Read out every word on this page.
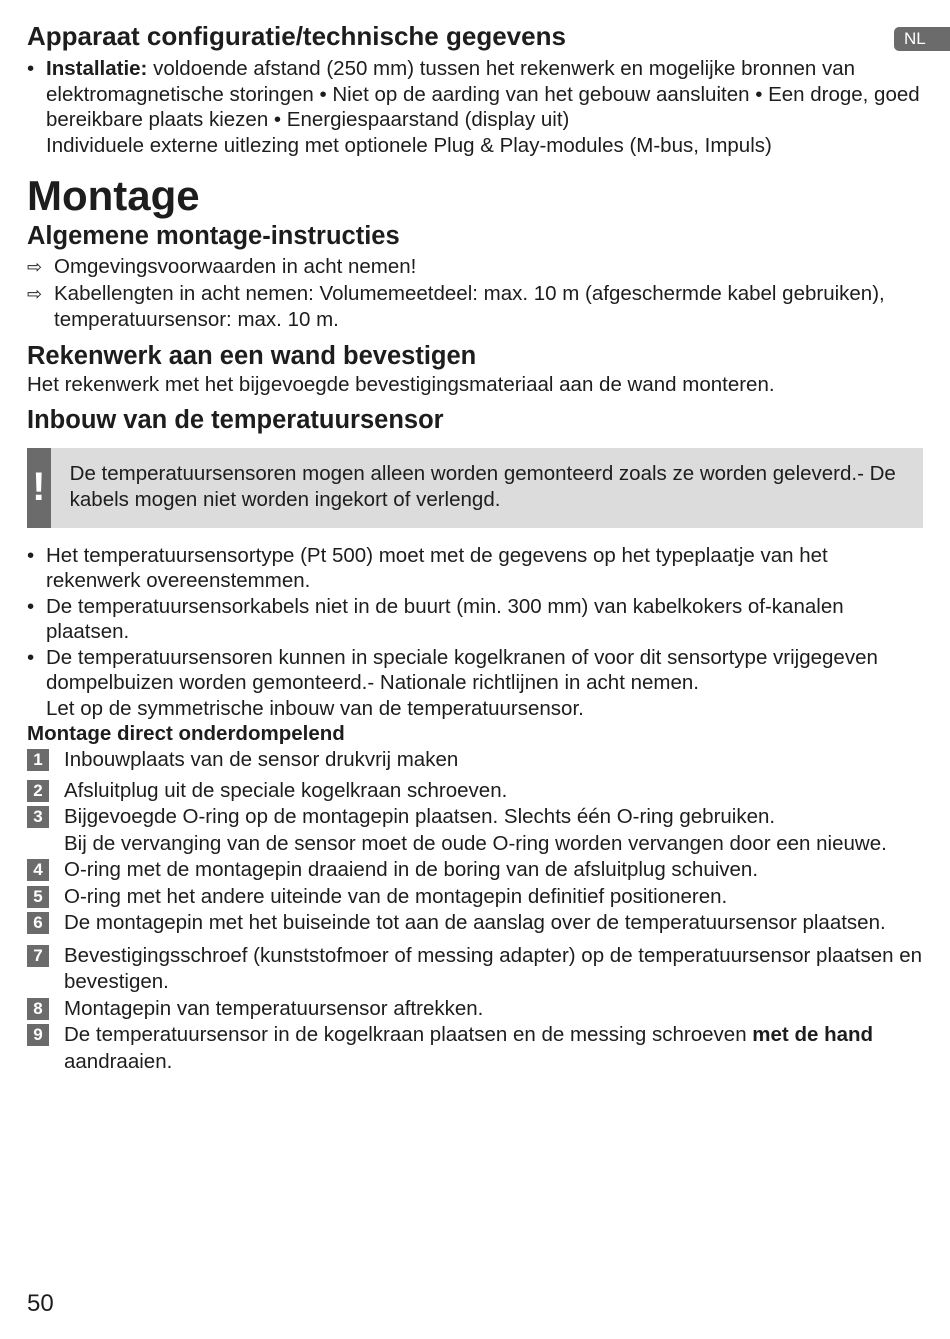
NL
Apparaat configuratie/technische gegevens

• Installatie: voldoende afstand (250 mm) tussen het rekenwerk en mogelijke bronnen van elektromagnetische storingen • Niet op de aarding van het gebouw aansluiten • Een droge, goed bereikbare plaats kiezen • Energiespaarstand (display uit)
Individuele externe uitlezing met optionele Plug & Play-modules (M-bus, Impuls)

Montage
Algemene montage-instructies
⇨ Omgevingsvoorwaarden in acht nemen!
⇨ Kabellengten in acht nemen: Volumemeetdeel: max. 10 m (afgeschermde kabel gebruiken), temperatuursensor: max. 10 m.
Rekenwerk aan een wand bevestigen

Het rekenwerk met het bijgevoegde bevestigingsmateriaal aan de wand monteren.

Inbouw van de temperatuursensor
!	De temperatuursensoren mogen alleen worden gemonteerd zoals ze worden geleverd.- De kabels mogen niet worden ingekort of verlengd.
• Het temperatuursensortype (Pt 500) moet met de gegevens op het typeplaatje van het rekenwerk overeenstemmen.
• De temperatuursensorkabels niet in de buurt (min. 300 mm) van kabelkokers of-kanalen plaatsen.
• De temperatuursensoren kunnen in speciale kogelkranen of voor dit sensortype vrijgegeven dompelbuizen worden gemonteerd.- Nationale richtlijnen in acht nemen.
Let op de symmetrische inbouw van de temperatuursensor.
Montage direct onderdompelend
1	Inbouwplaats van de sensor drukvrij maken
2	Afsluitplug uit de speciale kogelkraan schroeven.
3	Bijgevoegde O-ring op de montagepin plaatsen. Slechts één O-ring gebruiken.
Bij de vervanging van de sensor moet de oude O-ring worden vervangen door een nieuwe.
4	O-ring met de montagepin draaiend in de boring van de afsluitplug schuiven.
5	O-ring met het andere uiteinde van de montagepin definitief positioneren.
6	De montagepin met het buiseinde tot aan de aanslag over de temperatuursensor plaatsen.
7	Bevestigingsschroef (kunststofmoer of messing adapter) op de temperatuursensor plaatsen en bevestigen.
8	Montagepin van temperatuursensor aftrekken.
9	De temperatuursensor in de kogelkraan plaatsen en de messing schroeven met de hand aandraaien.
50
